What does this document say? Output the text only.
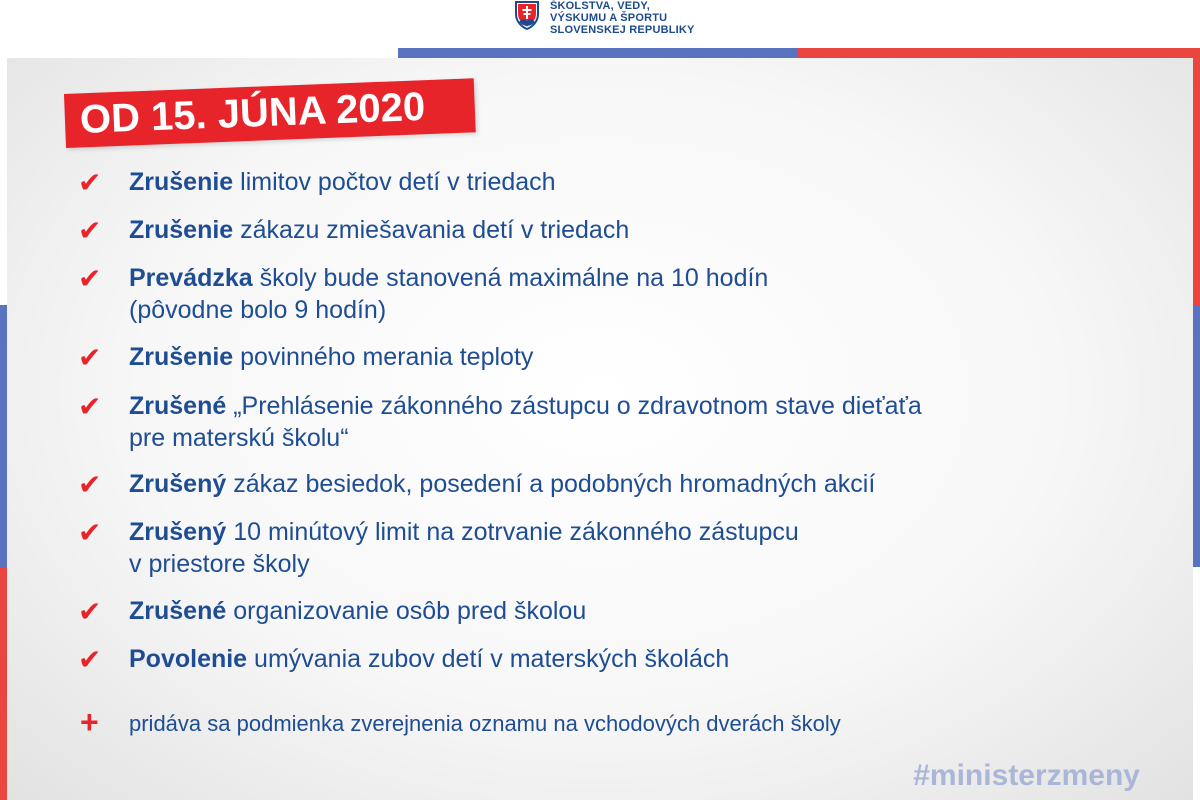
ŠKOLSTVA, VEDY,
VÝSKUMU A ŠPORTU
SLOVENSKEJ REPUBLIKY
OD 15. JÚNA 2020
✔ Zrušenie limitov počtov detí v triedach
✔ Zrušenie zákazu zmiešavania detí v triedach
✔ Prevádzka školy bude stanovená maximálne na 10 hodín
(pôvodne bolo 9 hodín)
✔ Zrušenie povinného merania teploty
✔ Zrušené „Prehlásenie zákonného zástupcu o zdravotnom stave dieťaťa
pre materskú školu“
✔ Zrušený zákaz besiedok, posedení a podobných hromadných akcií
✔ Zrušený 10 minútový limit na zotrvanie zákonného zástupcu
v priestore školy
✔ Zrušené organizovanie osôb pred školou
✔ Povolenie umývania zubov detí v materských školách
+	pridáva sa podmienka zverejnenia oznamu na vchodových dverách školy
#ministerzmeny
